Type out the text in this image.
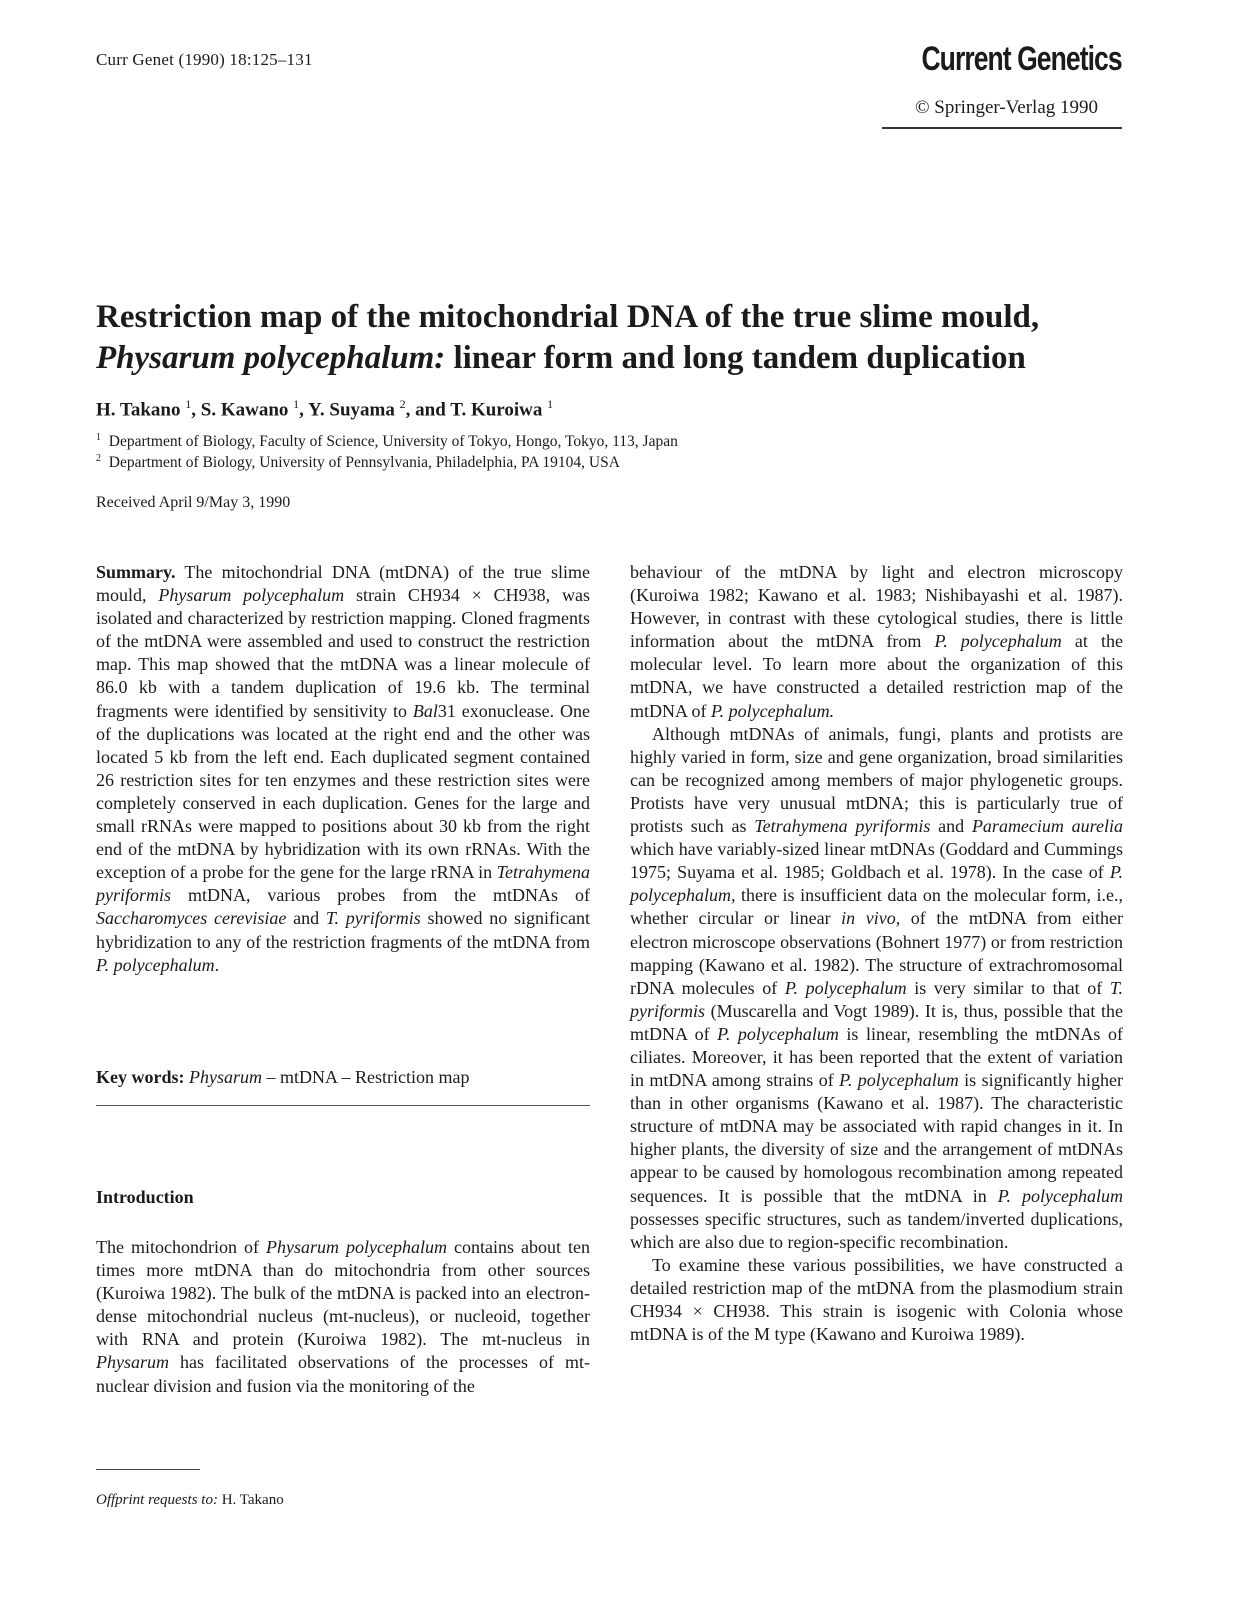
Curr Genet (1990) 18:125–131	Current Genetics
© Springer-Verlag 1990
Restriction map of the mitochondrial DNA of the true slime mould,
Physarum polycephalum: linear form and long tandem duplication
H. Takano $^1$, S. Kawano $^1$, Y. Suyama $^2$, and T. Kuroiwa $^1$
$^1$ Department of Biology, Faculty of Science, University of Tokyo, Hongo, Tokyo, 113, Japan
$^2$ Department of Biology, University of Pennsylvania, Philadelphia, PA 19104, USA
Received April 9/May 3, 1990

Summary. The mitochondrial DNA (mtDNA) of the true slime mould, Physarum polycephalum strain CH934 × CH938, was isolated and characterized by restriction mapping. Cloned fragments of the mtDNA were assembled and used to construct the restriction map. This map showed that the mtDNA was a linear molecule of 86.0 kb with a tandem duplication of 19.6 kb. The terminal fragments were identified by sensitivity to Bal31 exonuclease. One of the duplications was located at the right end and the other was located 5 kb from the left end. Each duplicated segment contained 26 restriction sites for ten enzymes and these restriction sites were completely conserved in each duplication. Genes for the large and small rRNAs were mapped to positions about 30 kb from the right end of the mtDNA by hybridization with its own rRNAs. With the exception of a probe for the gene for the large rRNA in Tetrahymena pyriformis mtDNA, various probes from the mtDNAs of Saccharomyces cerevisiae and T. pyriformis showed no significant hybridization to any of the restriction fragments of the mtDNA from P. polycephalum.

Key words: Physarum – mtDNA – Restriction map
Introduction

The mitochondrion of Physarum polycephalum contains about ten times more mtDNA than do mitochondria from other sources (Kuroiwa 1982). The bulk of the mtDNA is packed into an electron-dense mitochondrial nucleus (mt-nucleus), or nucleoid, together with RNA and protein (Kuroiwa 1982). The mt-nucleus in Physarum has facilitated observations of the processes of mt-nuclear division and fusion via the monitoring of the

behaviour of the mtDNA by light and electron microscopy (Kuroiwa 1982; Kawano et al. 1983; Nishibayashi et al. 1987). However, in contrast with these cytological studies, there is little information about the mtDNA from P. polycephalum at the molecular level. To learn more about the organization of this mtDNA, we have constructed a detailed restriction map of the mtDNA of P. polycephalum.

Although mtDNAs of animals, fungi, plants and protists are highly varied in form, size and gene organization, broad similarities can be recognized among members of major phylogenetic groups. Protists have very unusual mtDNA; this is particularly true of protists such as Tetrahymena pyriformis and Paramecium aurelia which have variably-sized linear mtDNAs (Goddard and Cummings 1975; Suyama et al. 1985; Goldbach et al. 1978). In the case of P. polycephalum, there is insufficient data on the molecular form, i.e., whether circular or linear in vivo, of the mtDNA from either electron microscope observations (Bohnert 1977) or from restriction mapping (Kawano et al. 1982). The structure of extrachromosomal rDNA molecules of P. polycephalum is very similar to that of T. pyriformis (Muscarella and Vogt 1989). It is, thus, possible that the mtDNA of P. polycephalum is linear, resembling the mtDNAs of ciliates. Moreover, it has been reported that the extent of variation in mtDNA among strains of P. polycephalum is significantly higher than in other organisms (Kawano et al. 1987). The characteristic structure of mtDNA may be associated with rapid changes in it. In higher plants, the diversity of size and the arrangement of mtDNAs appear to be caused by homologous recombination among repeated sequences. It is possible that the mtDNA in P. polycephalum possesses specific structures, such as tandem/inverted duplications, which are also due to region-specific recombination.

To examine these various possibilities, we have constructed a detailed restriction map of the mtDNA from the plasmodium strain CH934 × CH938. This strain is isogenic with Colonia whose mtDNA is of the M type (Kawano and Kuroiwa 1989).

Offprint requests to: H. Takano
